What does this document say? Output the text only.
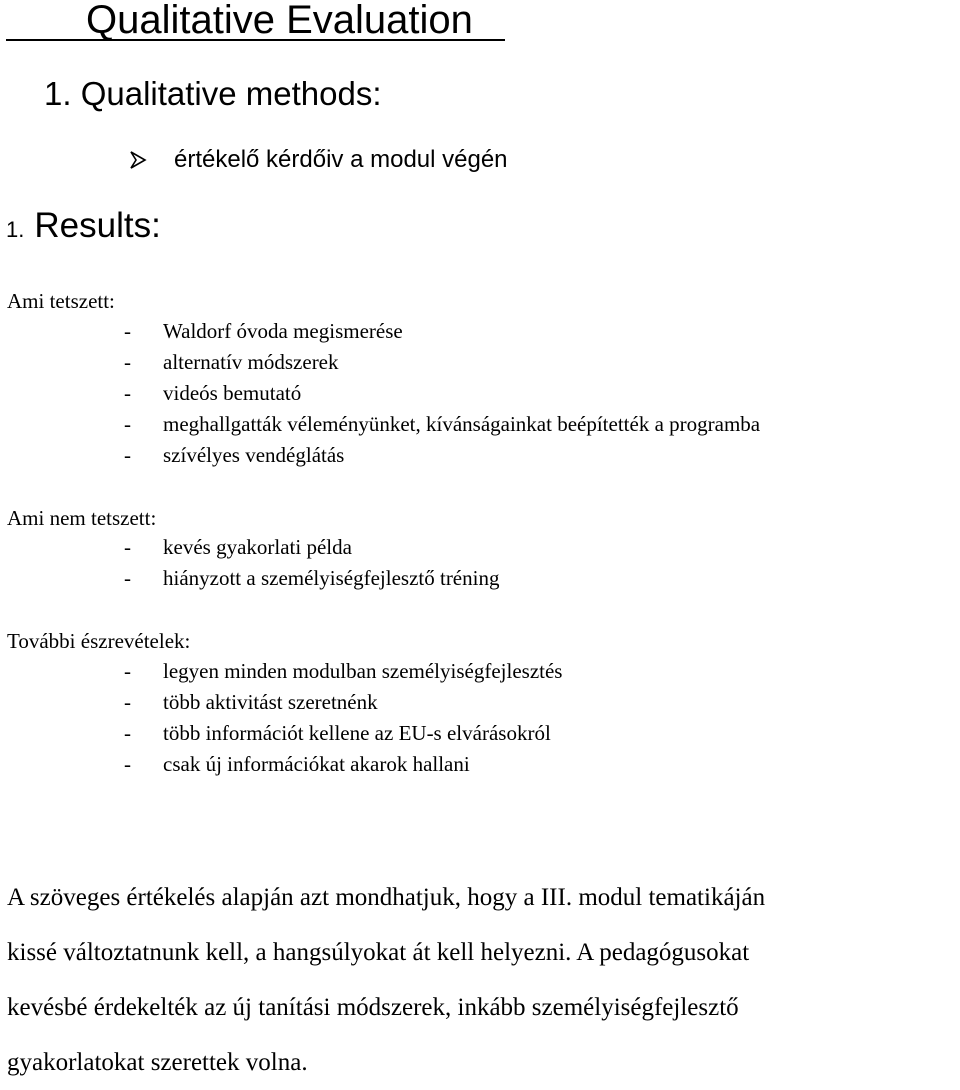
Qualitative Evaluation
1. Qualitative methods:
értékelő kérdőiv a modul végén
1. Results:
Ami tetszett:
- Waldorf óvoda megismerése
- alternatív módszerek
- videós bemutató
- meghallgatták véleményünket, kívánságainkat beépítették a programba
- szívélyes vendéglátás
Ami nem tetszett:
- kevés gyakorlati példa
- hiányzott a személyiségfejlesztő tréning
További észrevételek:
- legyen minden modulban személyiségfejlesztés
- több aktivitást szeretnénk
- több információt kellene az EU-s elvárásokról
- csak új információkat akarok hallani

A szöveges értékelés alapján azt mondhatjuk, hogy a III. modul tematikáján
kissé változtatnunk kell, a hangsúlyokat át kell helyezni. A pedagógusokat
kevésbé érdekelték az új tanítási módszerek, inkább személyiségfejlesztő
gyakorlatokat szerettek volna.
